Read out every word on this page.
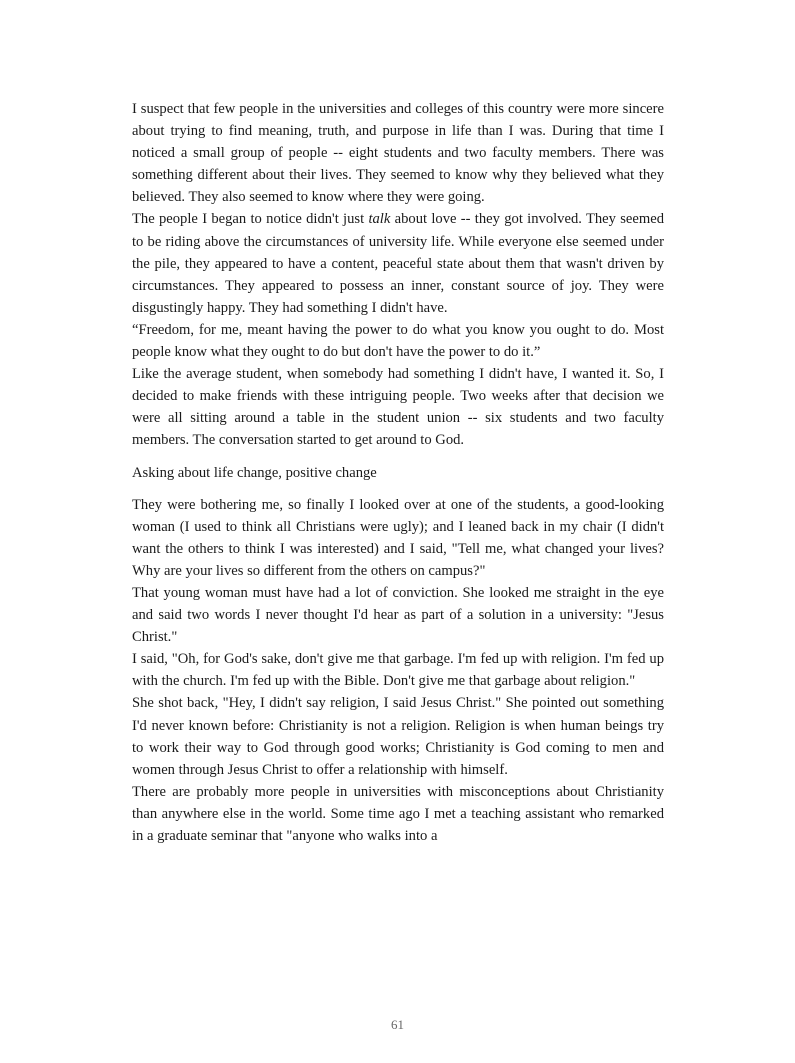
I suspect that few people in the universities and colleges of this country were more sincere about trying to find meaning, truth, and purpose in life than I was. During that time I noticed a small group of people -- eight students and two faculty members. There was something different about their lives. They seemed to know why they believed what they believed. They also seemed to know where they were going.

The people I began to notice didn't just talk about love -- they got involved. They seemed to be riding above the circumstances of university life. While everyone else seemed under the pile, they appeared to have a content, peaceful state about them that wasn't driven by circumstances. They appeared to possess an inner, constant source of joy. They were disgustingly happy. They had something I didn't have.

“Freedom, for me, meant having the power to do what you know you ought to do. Most people know what they ought to do but don't have the power to do it.”

Like the average student, when somebody had something I didn't have, I wanted it. So, I decided to make friends with these intriguing people. Two weeks after that decision we were all sitting around a table in the student union -- six students and two faculty members. The conversation started to get around to God.

Asking about life change, positive change

They were bothering me, so finally I looked over at one of the students, a good-looking woman (I used to think all Christians were ugly); and I leaned back in my chair (I didn't want the others to think I was interested) and I said, "Tell me, what changed your lives? Why are your lives so different from the others on campus?"

That young woman must have had a lot of conviction. She looked me straight in the eye and said two words I never thought I'd hear as part of a solution in a university: "Jesus Christ."

I said, "Oh, for God's sake, don't give me that garbage. I'm fed up with religion. I'm fed up with the church. I'm fed up with the Bible. Don't give me that garbage about religion."

She shot back, "Hey, I didn't say religion, I said Jesus Christ." She pointed out something I'd never known before: Christianity is not a religion. Religion is when human beings try to work their way to God through good works; Christianity is God coming to men and women through Jesus Christ to offer a relationship with himself.

There are probably more people in universities with misconceptions about Christianity than anywhere else in the world. Some time ago I met a teaching assistant who remarked in a graduate seminar that "anyone who walks into a

61
